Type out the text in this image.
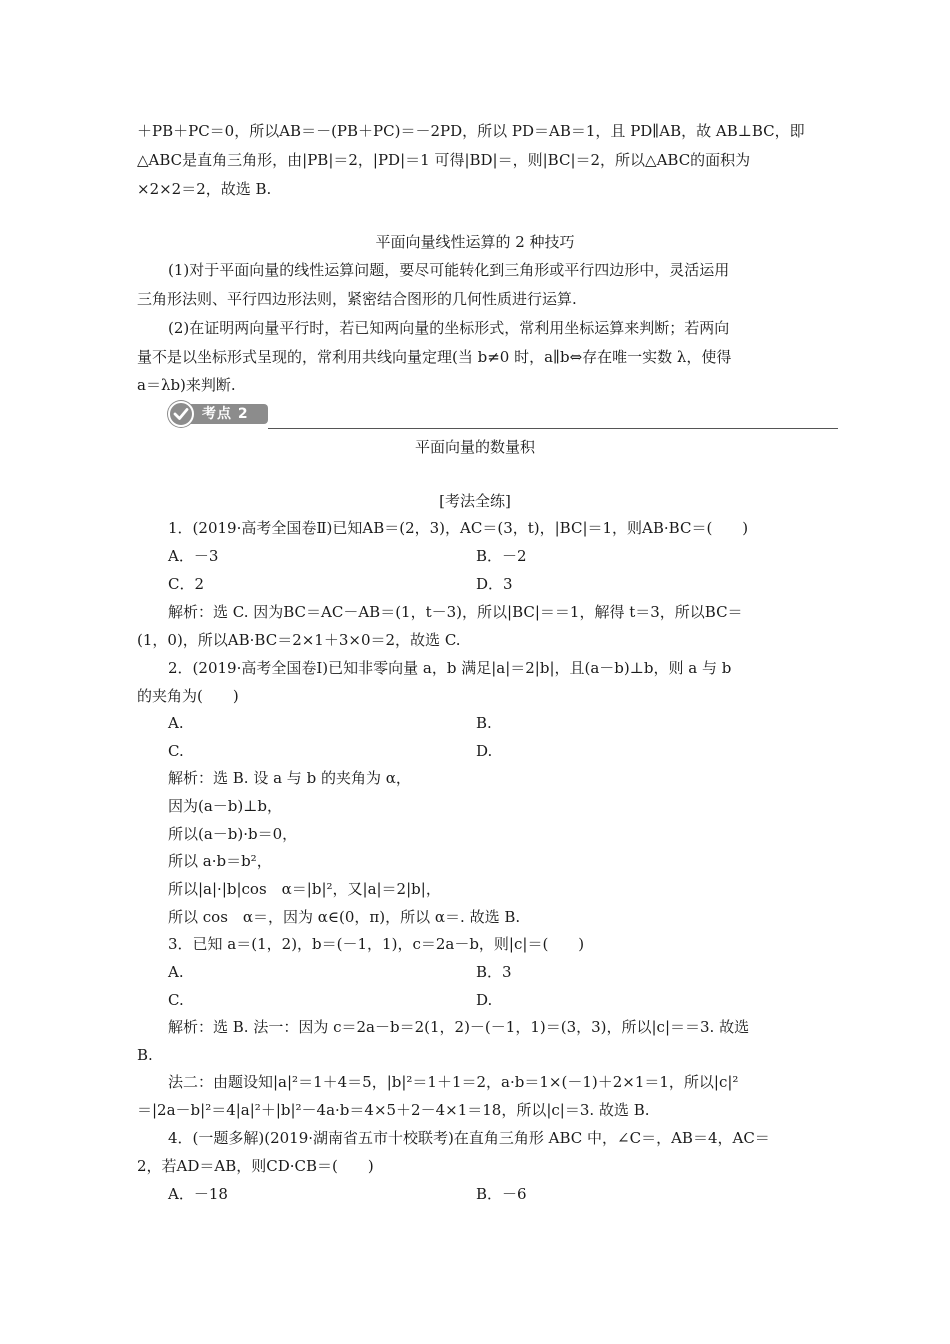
＋PB＋PC＝0，所以AB＝－(PB＋PC)＝－2PD，所以 PD＝AB＝1，且 PD∥AB，故 AB⊥BC，即
△ABC是直角三角形，由|PB|＝2，|PD|＝1 可得|BD|＝，则|BC|＝2，所以△ABC的面积为
×2×2＝2，故选 B.
平面向量线性运算的 2 种技巧
(1)对于平面向量的线性运算问题，要尽可能转化到三角形或平行四边形中，灵活运用
三角形法则、平行四边形法则，紧密结合图形的几何性质进行运算.
(2)在证明两向量平行时，若已知两向量的坐标形式，常利用坐标运算来判断；若两向
量不是以坐标形式呈现的，常利用共线向量定理(当 b≠0 时，a∥b⇔存在唯一实数 λ，使得
a＝λb)来判断.
考点 2
平面向量的数量积
[考法全练]
1．(2019·高考全国卷Ⅱ)已知AB＝(2，3)，AC＝(3，t)，|BC|＝1，则AB·BC＝(　　)
A．－3	B．－2
C．2	D．3
解析：选 C. 因为BC＝AC－AB＝(1，t－3)，所以|BC|＝＝1，解得 t＝3，所以BC＝
(1，0)，所以AB·BC＝2×1＋3×0＝2，故选 C.
2．(2019·高考全国卷Ⅰ)已知非零向量 a，b 满足|a|＝2|b|，且(a－b)⊥b，则 a 与 b
的夹角为(　　)
A.	B.
C.	D.
解析：选 B. 设 a 与 b 的夹角为 α，
因为(a－b)⊥b，
所以(a－b)·b＝0，
所以 a·b＝b²，
所以|a|·|b|cos　α＝|b|²，又|a|＝2|b|，
所以 cos　α＝，因为 α∈(0，π)，所以 α＝. 故选 B.
3．已知 a＝(1，2)，b＝(－1，1)，c＝2a－b，则|c|＝(　　)
A.	B．3
C.	D.
解析：选 B. 法一：因为 c＝2a－b＝2(1，2)－(－1，1)＝(3，3)，所以|c|＝＝3. 故选
B.
法二：由题设知|a|²＝1＋4＝5，|b|²＝1＋1＝2，a·b＝1×(－1)＋2×1＝1，所以|c|²
＝|2a－b|²＝4|a|²＋|b|²－4a·b＝4×5＋2－4×1＝18，所以|c|＝3. 故选 B.
4．(一题多解)(2019·湖南省五市十校联考)在直角三角形 ABC 中，∠C＝，AB＝4，AC＝
2，若AD＝AB，则CD·CB＝(　　)
A．－18	B．－6
